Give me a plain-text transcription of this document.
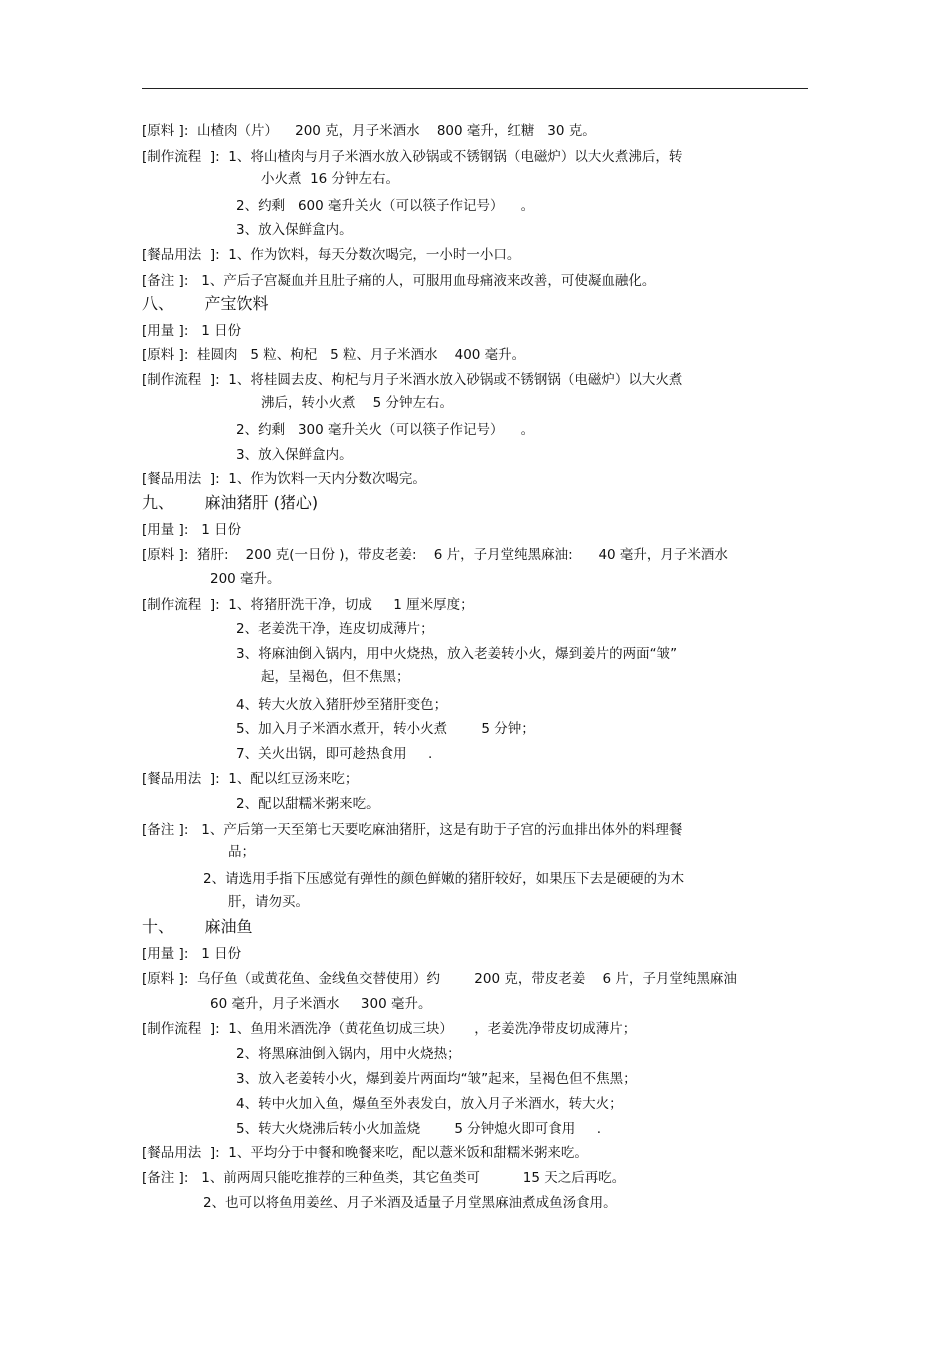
[原料 ]:  山楂肉（片）    200 克，月子米酒水    800 毫升，红糖   30 克。
[制作流程  ]:  1、将山楂肉与月子米酒水放入砂锅或不锈钢锅（电磁炉）以大火煮沸后，转
小火煮  16 分钟左右。
2、约剩   600 毫升关火（可以筷子作记号）    。
3、放入保鲜盒内。
[餐品用法  ]:  1、作为饮料，每天分数次喝完，一小时一小口。
[备注 ]:   1、产后子宫凝血并且肚子痛的人，可服用血母痛液来改善，可使凝血融化。
八、      产宝饮料
[用量 ]:   1 日份
[原料 ]:  桂圆肉   5 粒、枸杞   5 粒、月子米酒水    400 毫升。
[制作流程  ]:  1、将桂圆去皮、枸杞与月子米酒水放入砂锅或不锈钢锅（电磁炉）以大火煮
沸后，转小火煮    5 分钟左右。
2、约剩   300 毫升关火（可以筷子作记号）    。
3、放入保鲜盒内。
[餐品用法  ]:  1、作为饮料一天内分数次喝完。
九、      麻油猪肝 (猪心)
[用量 ]:   1 日份
[原料 ]:  猪肝:    200 克(一日份 )，带皮老姜:    6 片，子月堂纯黑麻油:      40 毫升，月子米酒水
200 毫升。
[制作流程  ]:  1、将猪肝洗干净，切成     1 厘米厚度；
2、老姜洗干净，连皮切成薄片；
3、将麻油倒入锅内，用中火烧热，放入老姜转小火，爆到姜片的两面“皱”
起，呈褐色，但不焦黑；
4、转大火放入猪肝炒至猪肝变色；
5、加入月子米酒水煮开，转小火煮        5 分钟；
7、关火出锅，即可趁热食用     .
[餐品用法  ]:  1、配以红豆汤来吃；
2、配以甜糯米粥来吃。
[备注 ]:   1、产后第一天至第七天要吃麻油猪肝，这是有助于子宫的污血排出体外的料理餐
品；
2、请选用手指下压感觉有弹性的颜色鲜嫩的猪肝较好，如果压下去是硬硬的为木
肝，请勿买。
十、      麻油鱼
[用量 ]:   1 日份
[原料 ]:  乌仔鱼（或黄花鱼、金线鱼交替使用）约        200 克，带皮老姜    6 片，子月堂纯黑麻油
60 毫升，月子米酒水     300 毫升。
[制作流程  ]:  1、鱼用米酒洗净（黄花鱼切成三块）     ，老姜洗净带皮切成薄片；
2、将黑麻油倒入锅内，用中火烧热；
3、放入老姜转小火，爆到姜片两面均“皱”起来，呈褐色但不焦黑；
4、转中火加入鱼，爆鱼至外表发白，放入月子米酒水，转大火；
5、转大火烧沸后转小火加盖烧        5 分钟熄火即可食用     .
[餐品用法  ]:  1、平均分于中餐和晚餐来吃，配以薏米饭和甜糯米粥来吃。
[备注 ]:   1、前两周只能吃推荐的三种鱼类，其它鱼类可          15 天之后再吃。
2、也可以将鱼用姜丝、月子米酒及适量子月堂黑麻油煮成鱼汤食用。
